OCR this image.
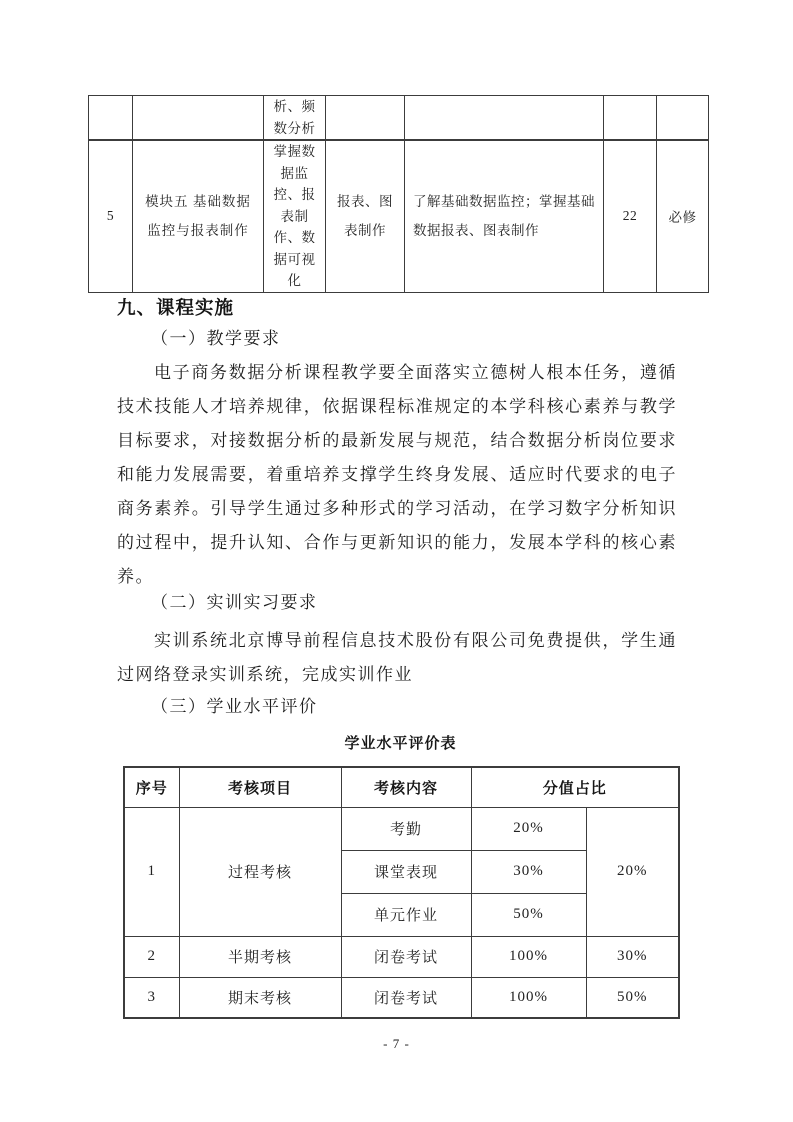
		析、频数分析				
5	模块五 基础数据监控与报表制作	掌握数据监控、报表制作、数据可视化	报表、图表制作	了解基础数据监控；掌握基础数据报表、图表制作	22	必修
九、课程实施

（一）教学要求

电子商务数据分析课程教学要全面落实立德树人根本任务，遵循技术技能人才培养规律，依据课程标准规定的本学科核心素养与教学目标要求，对接数据分析的最新发展与规范，结合数据分析岗位要求和能力发展需要，着重培养支撑学生终身发展、适应时代要求的电子商务素养。引导学生通过多种形式的学习活动，在学习数字分析知识的过程中，提升认知、合作与更新知识的能力，发展本学科的核心素养。

（二）实训实习要求

实训系统北京博导前程信息技术股份有限公司免费提供，学生通过网络登录实训系统，完成实训作业

（三）学业水平评价

学业水平评价表

序号	考核项目	考核内容	分值占比	
1	过程考核	考勤	20%	20%
		课堂表现	30%	
		单元作业	50%	
2	半期考核	闭卷考试	100%	30%
3	期末考核	闭卷考试	100%	50%
- 7 -
